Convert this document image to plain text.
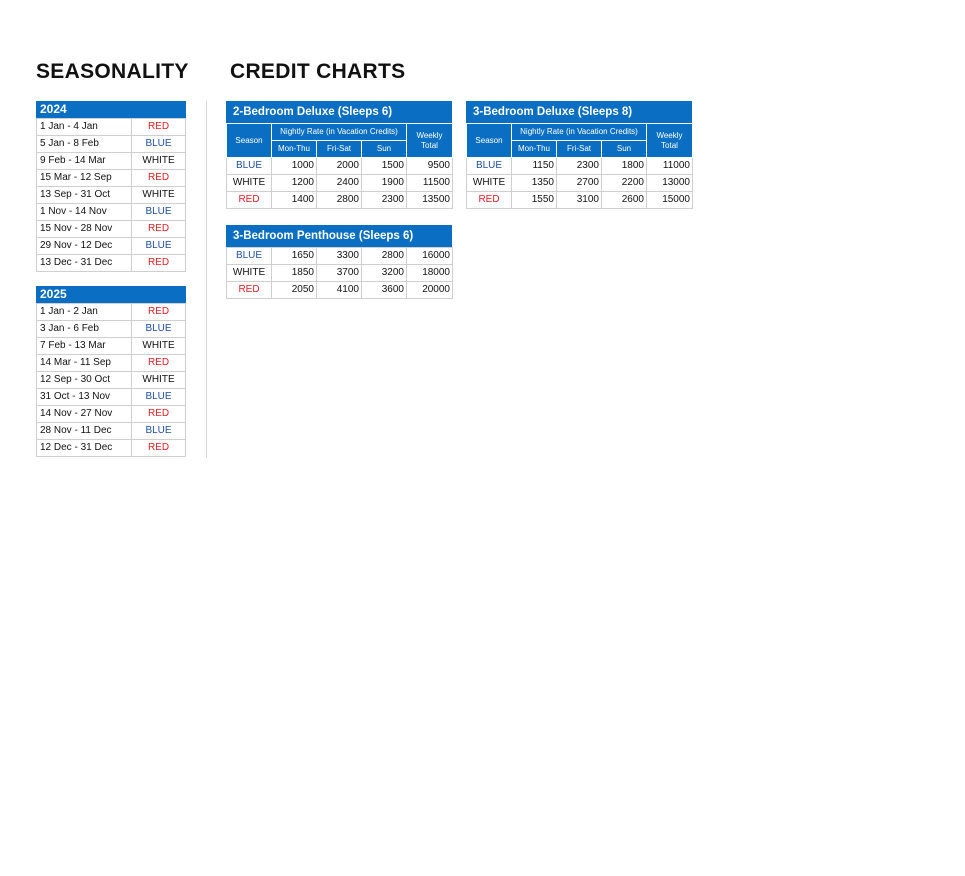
SEASONALITY CREDIT CHARTS
2024
1 Jan - 4 Jan	RED
5 Jan - 8 Feb	BLUE
9 Feb - 14 Mar	WHITE
15 Mar - 12 Sep	RED
13 Sep - 31 Oct	WHITE
1 Nov - 14 Nov	BLUE
15 Nov - 28 Nov	RED
29 Nov - 12 Dec	BLUE
13 Dec - 31 Dec	RED
2025
1 Jan - 2 Jan	RED
3 Jan - 6 Feb	BLUE
7 Feb - 13 Mar	WHITE
14 Mar - 11 Sep	RED
12 Sep - 30 Oct	WHITE
31 Oct - 13 Nov	BLUE
14 Nov - 27 Nov	RED
28 Nov - 11 Dec	BLUE
12 Dec - 31 Dec	RED
2-Bedroom Deluxe (Sleeps 6)
Season	Nightly Rate (in Vacation Credits)			Weekly Total
	Mon-Thu	Fri-Sat	Sun	
BLUE	1000	2000	1500	9500
WHITE	1200	2400	1900	11500
RED	1400	2800	2300	13500
3-Bedroom Deluxe (Sleeps 8)
Season	Nightly Rate (in Vacation Credits)			Weekly Total
	Mon-Thu	Fri-Sat	Sun	
BLUE	1150	2300	1800	11000
WHITE	1350	2700	2200	13000
RED	1550	3100	2600	15000
3-Bedroom Penthouse (Sleeps 6)
BLUE	1650	3300	2800	16000
WHITE	1850	3700	3200	18000
RED	2050	4100	3600	20000
